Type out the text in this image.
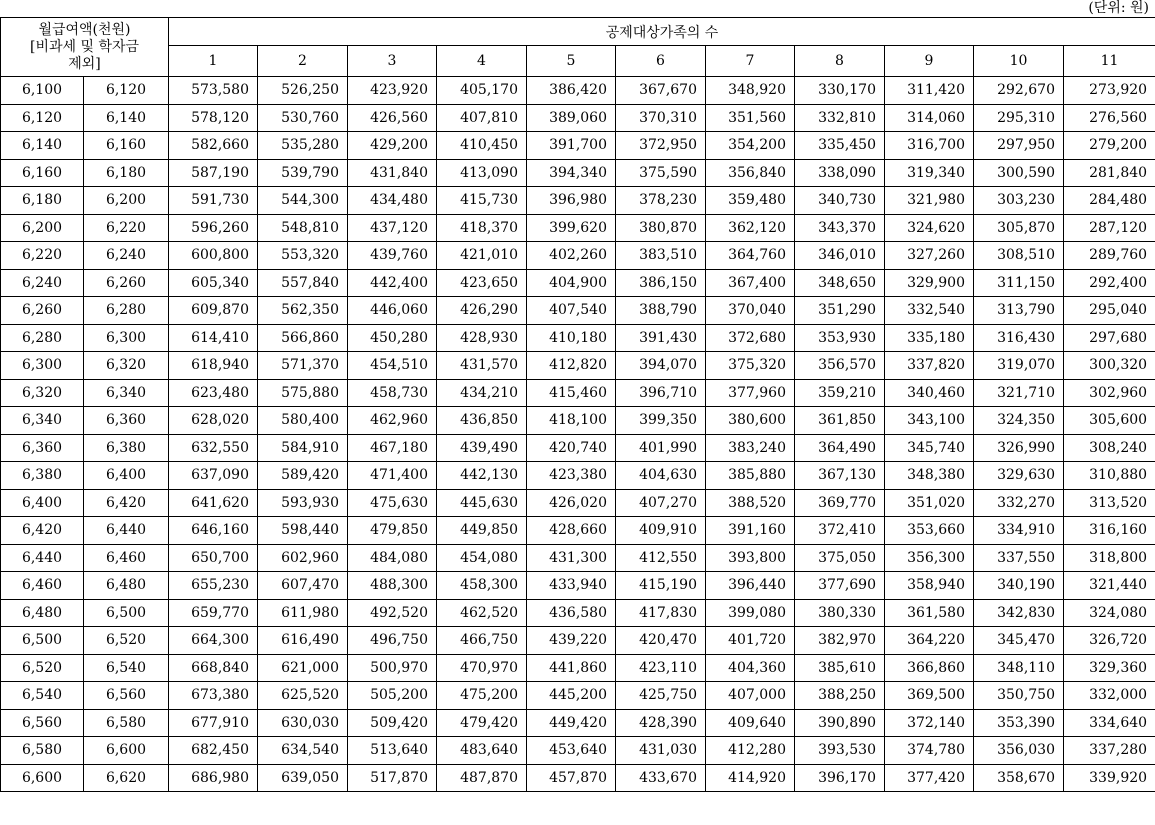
(단위: 원)
월급여액(천원)
[비과세 및 학자금
제외]		공제대상가족의 수										
		1	2	3	4	5	6	7	8	9	10	11
6,100	6,120	573,580	526,250	423,920	405,170	386,420	367,670	348,920	330,170	311,420	292,670	273,920
6,120	6,140	578,120	530,760	426,560	407,810	389,060	370,310	351,560	332,810	314,060	295,310	276,560
6,140	6,160	582,660	535,280	429,200	410,450	391,700	372,950	354,200	335,450	316,700	297,950	279,200
6,160	6,180	587,190	539,790	431,840	413,090	394,340	375,590	356,840	338,090	319,340	300,590	281,840
6,180	6,200	591,730	544,300	434,480	415,730	396,980	378,230	359,480	340,730	321,980	303,230	284,480
6,200	6,220	596,260	548,810	437,120	418,370	399,620	380,870	362,120	343,370	324,620	305,870	287,120
6,220	6,240	600,800	553,320	439,760	421,010	402,260	383,510	364,760	346,010	327,260	308,510	289,760
6,240	6,260	605,340	557,840	442,400	423,650	404,900	386,150	367,400	348,650	329,900	311,150	292,400
6,260	6,280	609,870	562,350	446,060	426,290	407,540	388,790	370,040	351,290	332,540	313,790	295,040
6,280	6,300	614,410	566,860	450,280	428,930	410,180	391,430	372,680	353,930	335,180	316,430	297,680
6,300	6,320	618,940	571,370	454,510	431,570	412,820	394,070	375,320	356,570	337,820	319,070	300,320
6,320	6,340	623,480	575,880	458,730	434,210	415,460	396,710	377,960	359,210	340,460	321,710	302,960
6,340	6,360	628,020	580,400	462,960	436,850	418,100	399,350	380,600	361,850	343,100	324,350	305,600
6,360	6,380	632,550	584,910	467,180	439,490	420,740	401,990	383,240	364,490	345,740	326,990	308,240
6,380	6,400	637,090	589,420	471,400	442,130	423,380	404,630	385,880	367,130	348,380	329,630	310,880
6,400	6,420	641,620	593,930	475,630	445,630	426,020	407,270	388,520	369,770	351,020	332,270	313,520
6,420	6,440	646,160	598,440	479,850	449,850	428,660	409,910	391,160	372,410	353,660	334,910	316,160
6,440	6,460	650,700	602,960	484,080	454,080	431,300	412,550	393,800	375,050	356,300	337,550	318,800
6,460	6,480	655,230	607,470	488,300	458,300	433,940	415,190	396,440	377,690	358,940	340,190	321,440
6,480	6,500	659,770	611,980	492,520	462,520	436,580	417,830	399,080	380,330	361,580	342,830	324,080
6,500	6,520	664,300	616,490	496,750	466,750	439,220	420,470	401,720	382,970	364,220	345,470	326,720
6,520	6,540	668,840	621,000	500,970	470,970	441,860	423,110	404,360	385,610	366,860	348,110	329,360
6,540	6,560	673,380	625,520	505,200	475,200	445,200	425,750	407,000	388,250	369,500	350,750	332,000
6,560	6,580	677,910	630,030	509,420	479,420	449,420	428,390	409,640	390,890	372,140	353,390	334,640
6,580	6,600	682,450	634,540	513,640	483,640	453,640	431,030	412,280	393,530	374,780	356,030	337,280
6,600	6,620	686,980	639,050	517,870	487,870	457,870	433,670	414,920	396,170	377,420	358,670	339,920
